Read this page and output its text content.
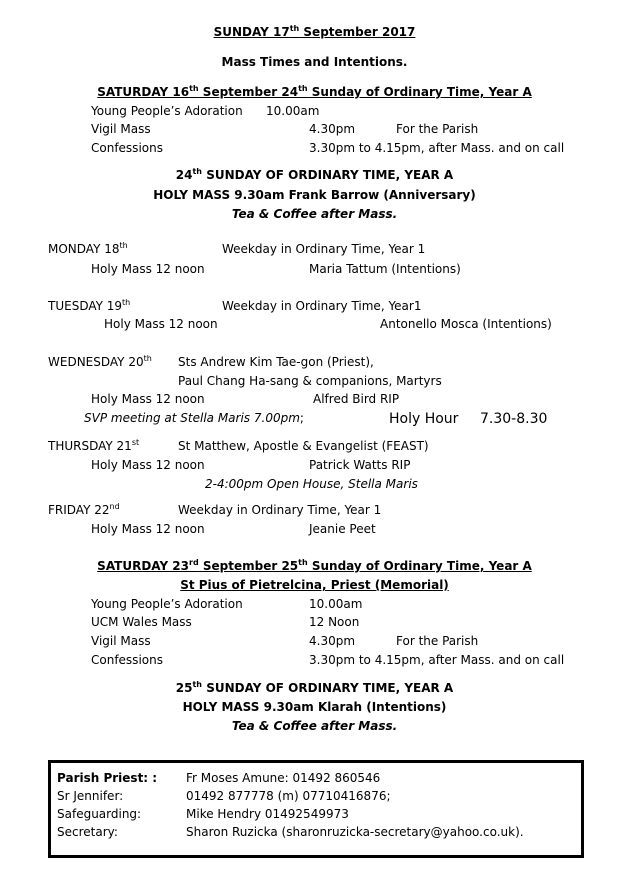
SUNDAY 17th September 2017
Mass Times and Intentions.
SATURDAY 16th September 24th Sunday of Ordinary Time, Year A
Young People’s Adoration 10.00am
Vigil Mass	4.30pm	For the Parish
Confessions	3.30pm to 4.15pm, after Mass. and on call
24th SUNDAY OF ORDINARY TIME, YEAR A
HOLY MASS 9.30am Frank Barrow (Anniversary)
Tea & Coffee after Mass.
MONDAY 18th	Weekday in Ordinary Time, Year 1
Holy Mass 12 noon	Maria Tattum (Intentions)
TUESDAY 19th	Weekday in Ordinary Time, Year1
Holy Mass 12 noon	Antonello Mosca (Intentions)
WEDNESDAY 20th Sts Andrew Kim Tae-gon (Priest),
Paul Chang Ha-sang & companions, Martyrs
Holy Mass 12 noon	Alfred Bird RIP
SVP meeting at Stella Maris 7.00pm;	Holy Hour 7.30-8.30
THURSDAY 21st	St Matthew, Apostle & Evangelist (FEAST)
Holy Mass 12 noon	Patrick Watts RIP
2-4:00pm Open House, Stella Maris
FRIDAY 22nd	Weekday in Ordinary Time, Year 1
Holy Mass 12 noon	Jeanie Peet
SATURDAY 23rd September 25th Sunday of Ordinary Time, Year A
St Pius of Pietrelcina, Priest (Memorial)
Young People’s Adoration	10.00am
UCM Wales Mass	12 Noon
Vigil Mass	4.30pm	For the Parish
Confessions	3.30pm to 4.15pm, after Mass. and on call
25th SUNDAY OF ORDINARY TIME, YEAR A
HOLY MASS 9.30am Klarah (Intentions)
Tea & Coffee after Mass.
Parish Priest: : Fr Moses Amune: 01492 860546
Sr Jennifer:	01492 877778 (m) 07710416876;
Safeguarding:	Mike Hendry 01492549973
Secretary:	Sharon Ruzicka (sharonruzicka-secretary@yahoo.co.uk).
